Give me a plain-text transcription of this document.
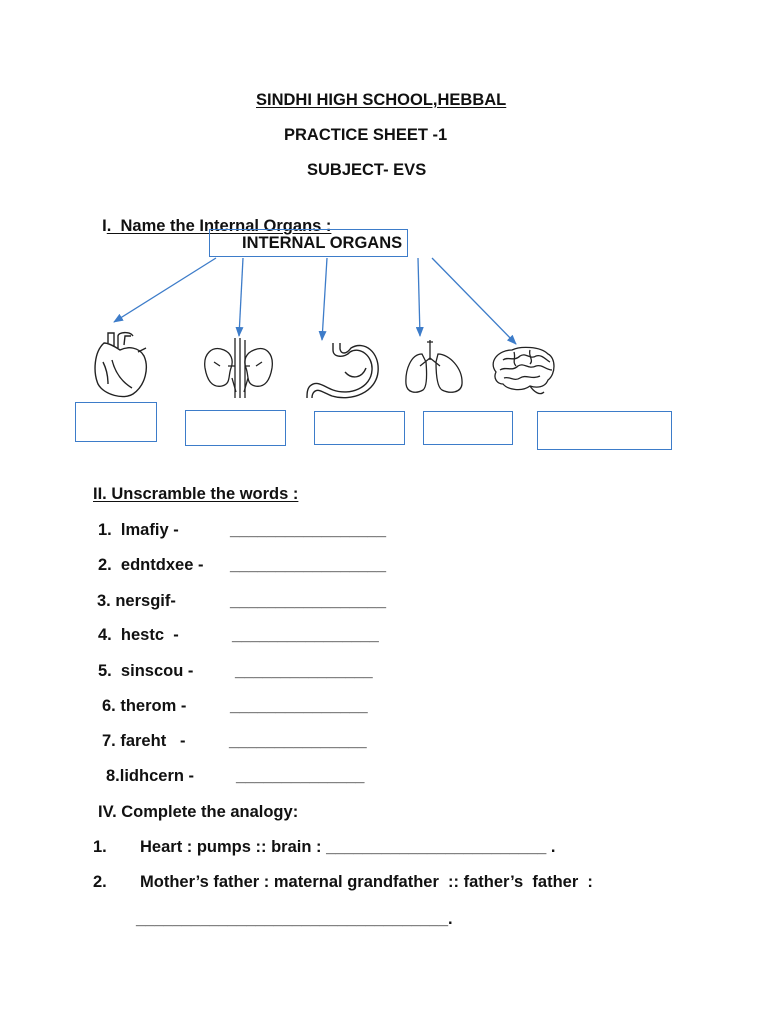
SINDHI HIGH SCHOOL,HEBBAL
PRACTICE SHEET -1
SUBJECT- EVS

I.  Name the Internal Organs :

INTERNAL ORGANS
II. Unscramble the words :
1.  lmafiy -	_________________
2.  edntdxee - _________________
3. nersgif-	_________________
4.  hestc  -	________________
5.  sinscou -	_______________
6. therom -	_______________
7. fareht   -	_______________
8.lidhcern -	______________
IV. Complete the analogy:
1. Heart : pumps :: brain : ________________________ .
2. Mother’s father : maternal grandfather  :: father’s  father  :
__________________________________.
